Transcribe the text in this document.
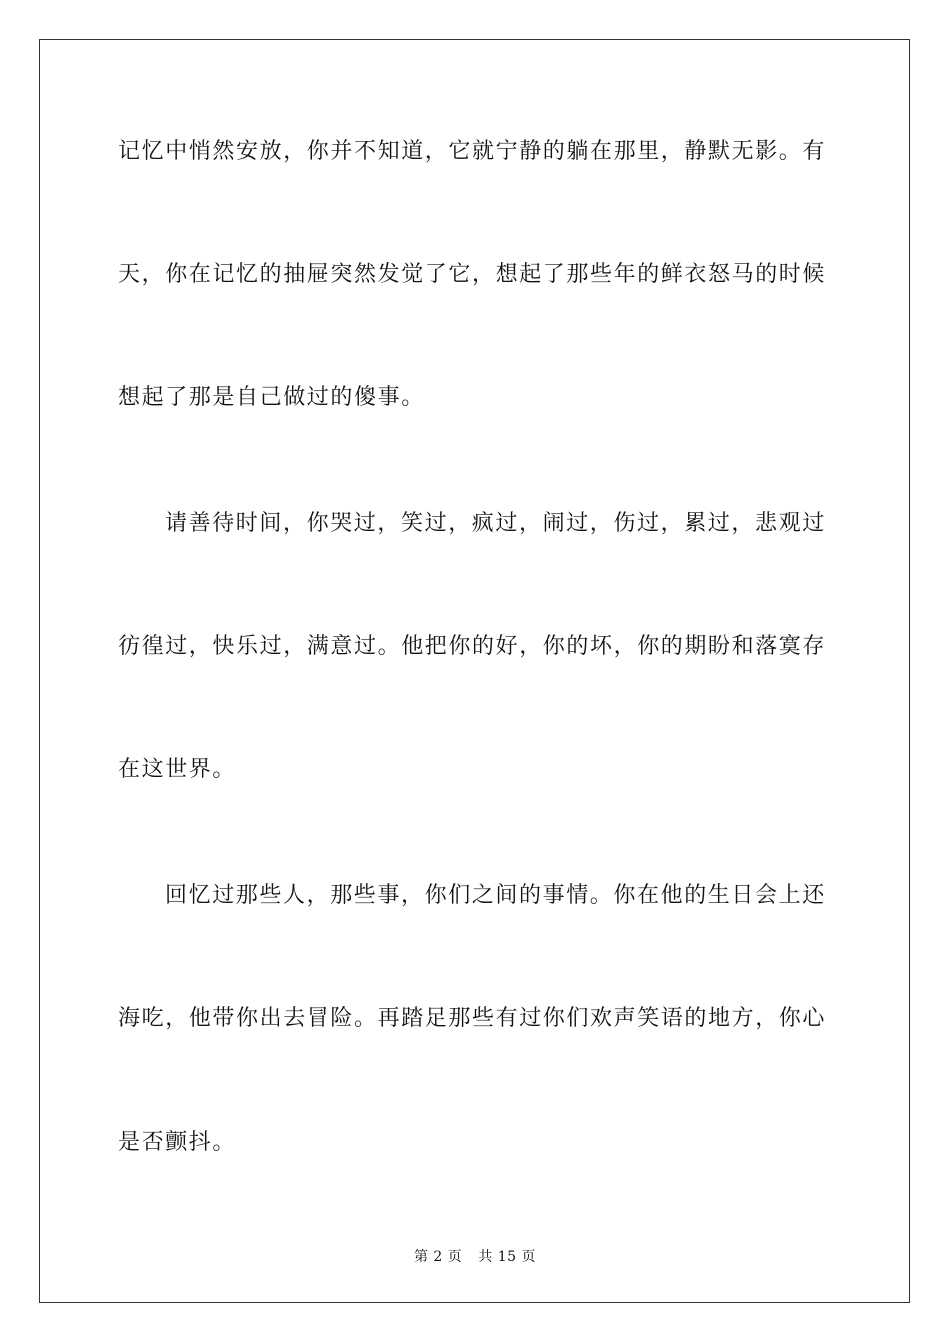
记忆中悄然安放，你并不知道，它就宁静的躺在那里，静默无影。有
天，你在记忆的抽屉突然发觉了它，想起了那些年的鲜衣怒马的时候
想起了那是自己做过的傻事。
请善待时间，你哭过，笑过，疯过，闹过，伤过，累过，悲观过
彷徨过，快乐过，满意过。他把你的好，你的坏，你的期盼和落寞存
在这世界。
回忆过那些人，那些事，你们之间的事情。你在他的生日会上还
海吃，他带你出去冒险。再踏足那些有过你们欢声笑语的地方，你心
是否颤抖。
第 2 页 共 15 页
